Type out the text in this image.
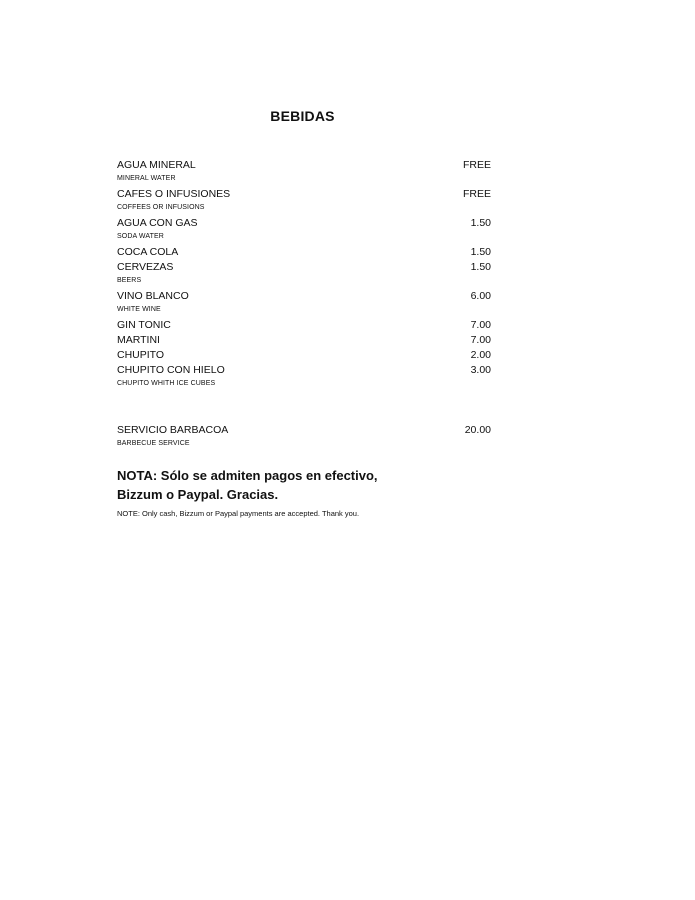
BEBIDAS
AGUA MINERAL	FREE
MINERAL WATER
CAFES O INFUSIONES	FREE
COFFEES OR INFUSIONS
AGUA CON GAS	1.50
SODA WATER
COCA COLA	1.50
CERVEZAS	1.50
BEERS
VINO BLANCO	6.00
WHITE WINE
GIN TONIC	7.00
MARTINI	7.00
CHUPITO	2.00
CHUPITO CON HIELO	3.00
CHUPITO WHITH ICE CUBES
SERVICIO BARBACOA	20.00
BARBECUE SERVICE
NOTA: Sólo se admiten pagos en efectivo,
Bizzum o Paypal. Gracias.
NOTE: Only cash, Bizzum or Paypal payments are accepted. Thank you.
